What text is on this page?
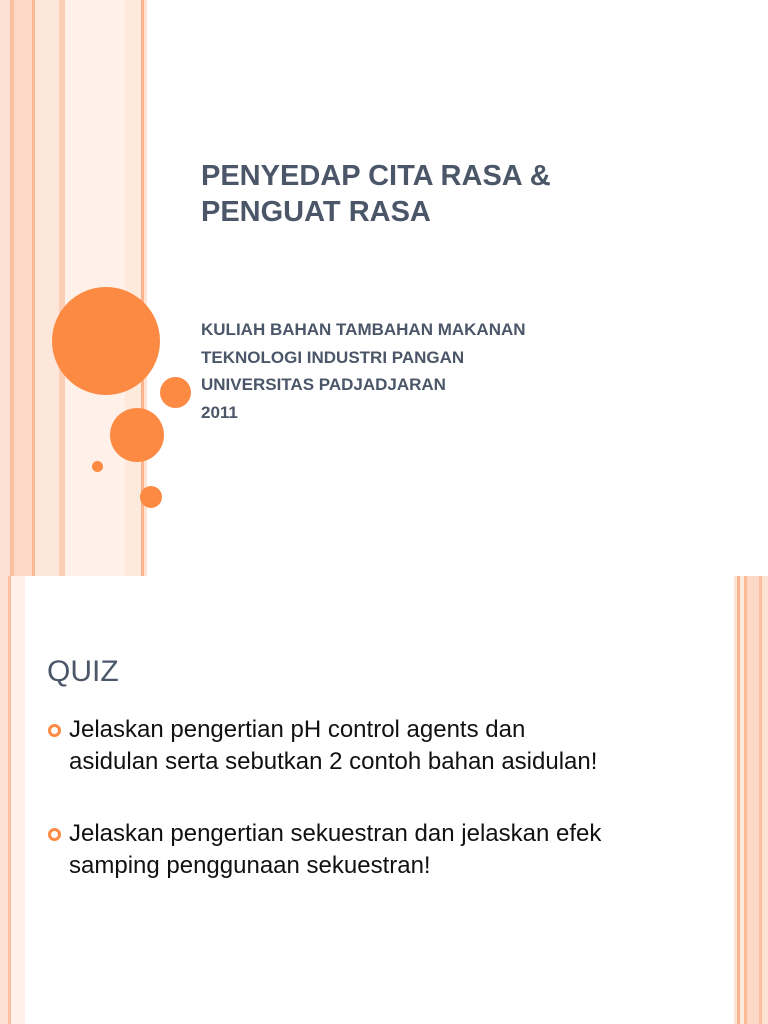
PENYEDAP CITA RASA &
PENGUAT RASA
KULIAH BAHAN TAMBAHAN MAKANAN
TEKNOLOGI INDUSTRI PANGAN
UNIVERSITAS PADJADJARAN
2011
QUIZ
Jelaskan pengertian pH control agents dan
asidulan serta sebutkan 2 contoh bahan asidulan!
Jelaskan pengertian sekuestran dan jelaskan efek
samping penggunaan sekuestran!
